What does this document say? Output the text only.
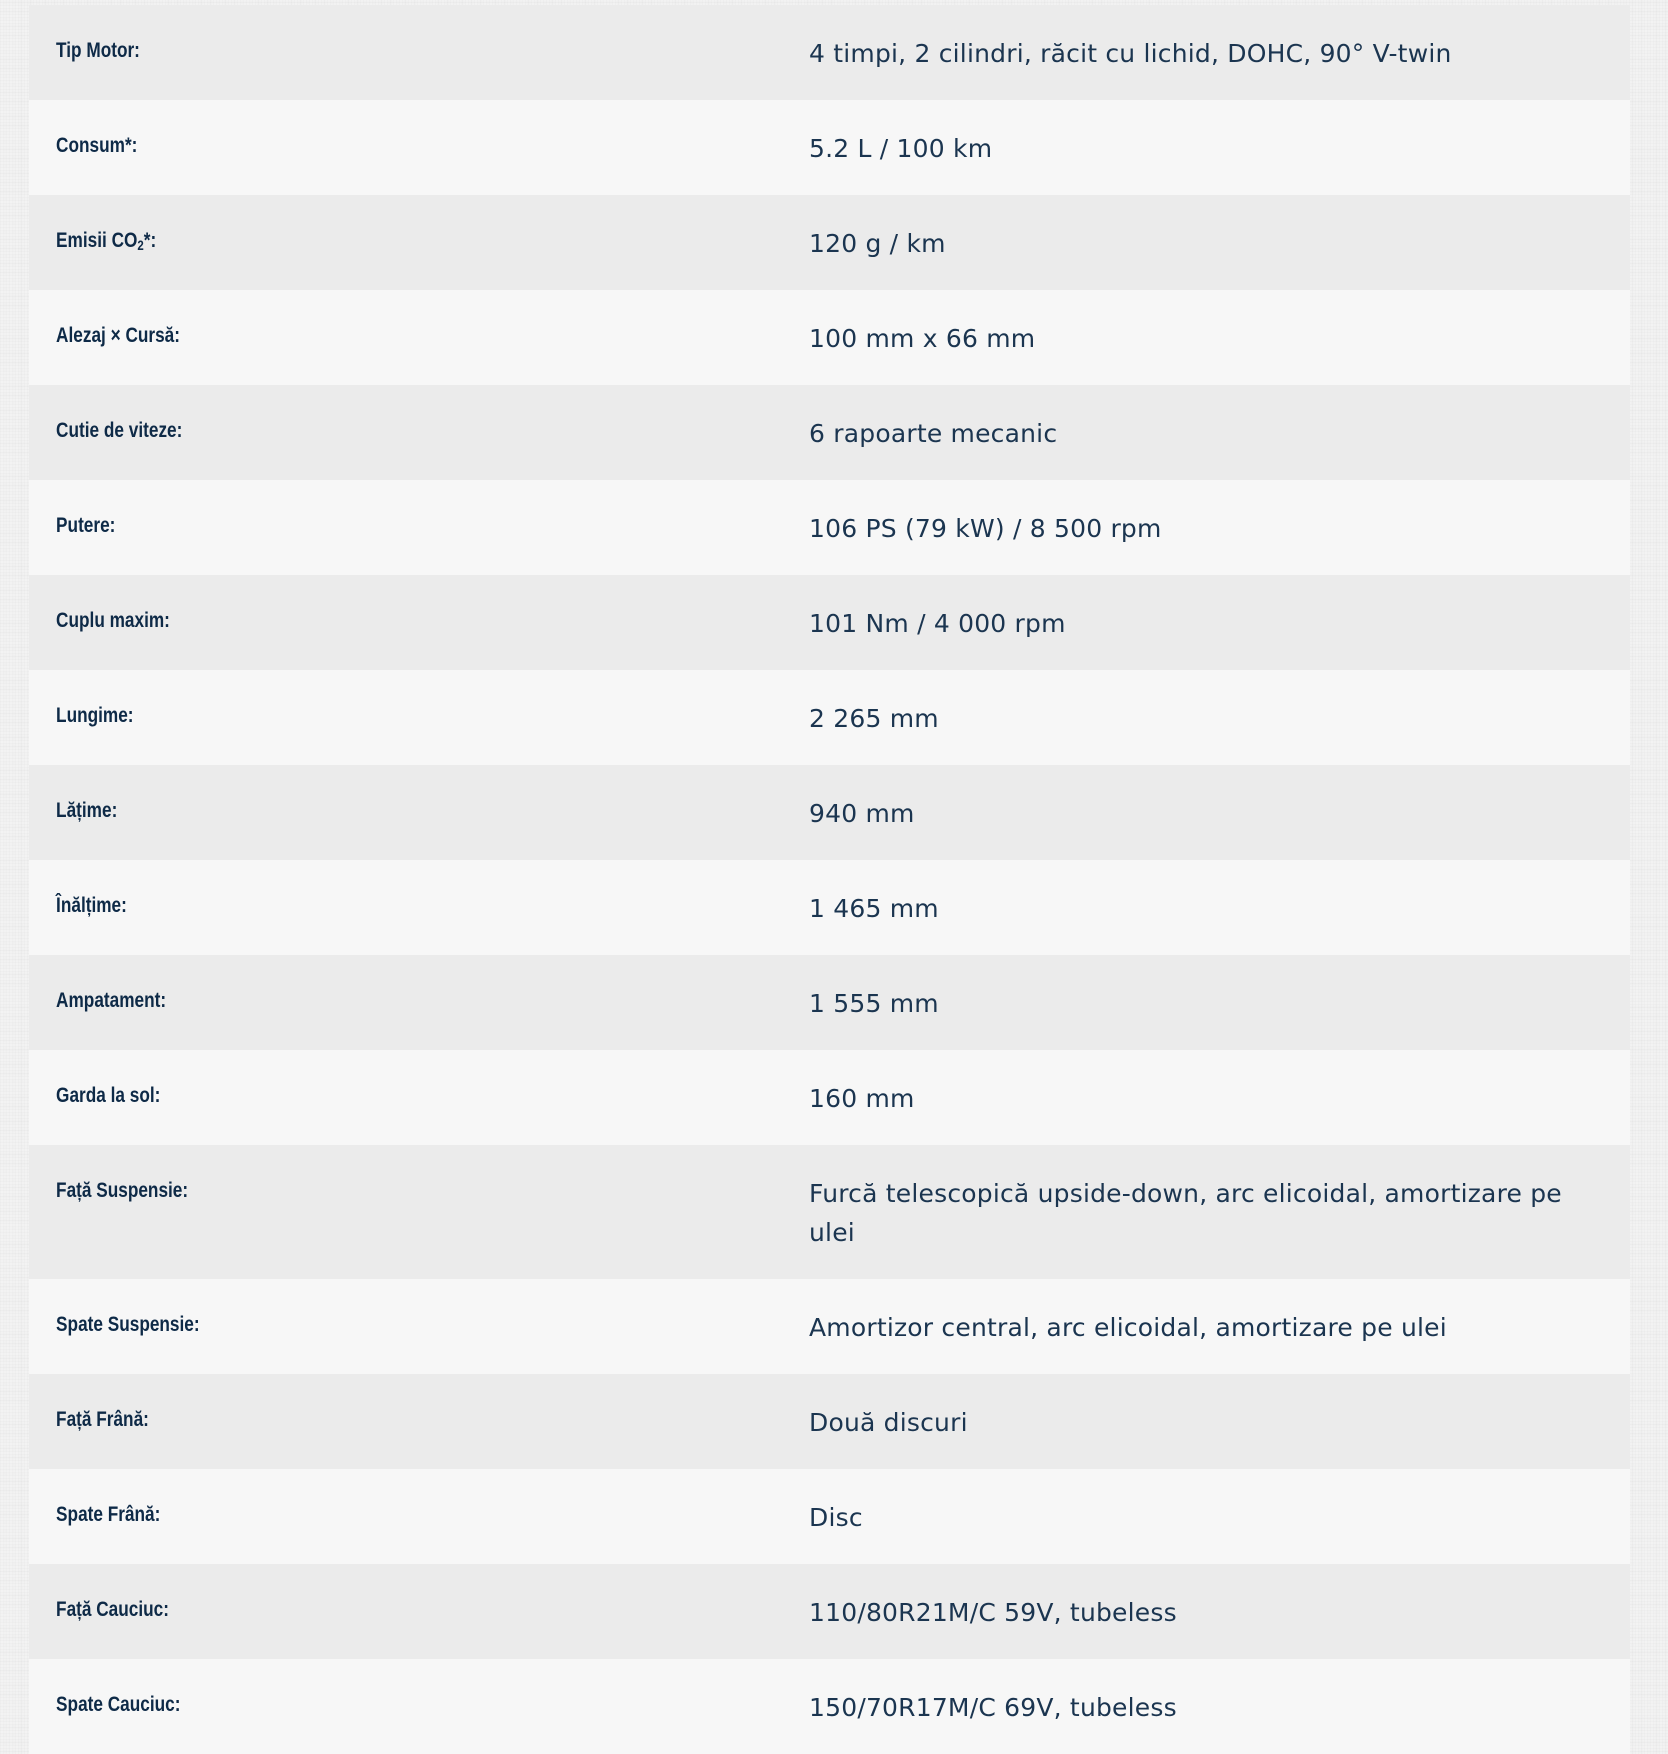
Tip Motor:	4 timpi, 2 cilindri, răcit cu lichid, DOHC, 90° V-twin
Consum*:	5.2 L / 100 km
Emisii $CO_2*$:	120 g / km
Alezaj × Cursă:	100 mm x 66 mm
Cutie de viteze:	6 rapoarte mecanic
Putere:	106 PS (79 kW) / 8 500 rpm
Cuplu maxim:	101 Nm / 4 000 rpm
Lungime:	2 265 mm
Lățime:	940 mm
Înălțime:	1 465 mm
Ampatament:	1 555 mm
Garda la sol:	160 mm
Față Suspensie:	Furcă telescopică upside-down, arc elicoidal, amortizare pe ulei
Spate Suspensie:	Amortizor central, arc elicoidal, amortizare pe ulei
Față Frână:	Două discuri
Spate Frână:	Disc
Față Cauciuc:	110/80R21M/C 59V, tubeless
Spate Cauciuc:	150/70R17M/C 69V, tubeless
